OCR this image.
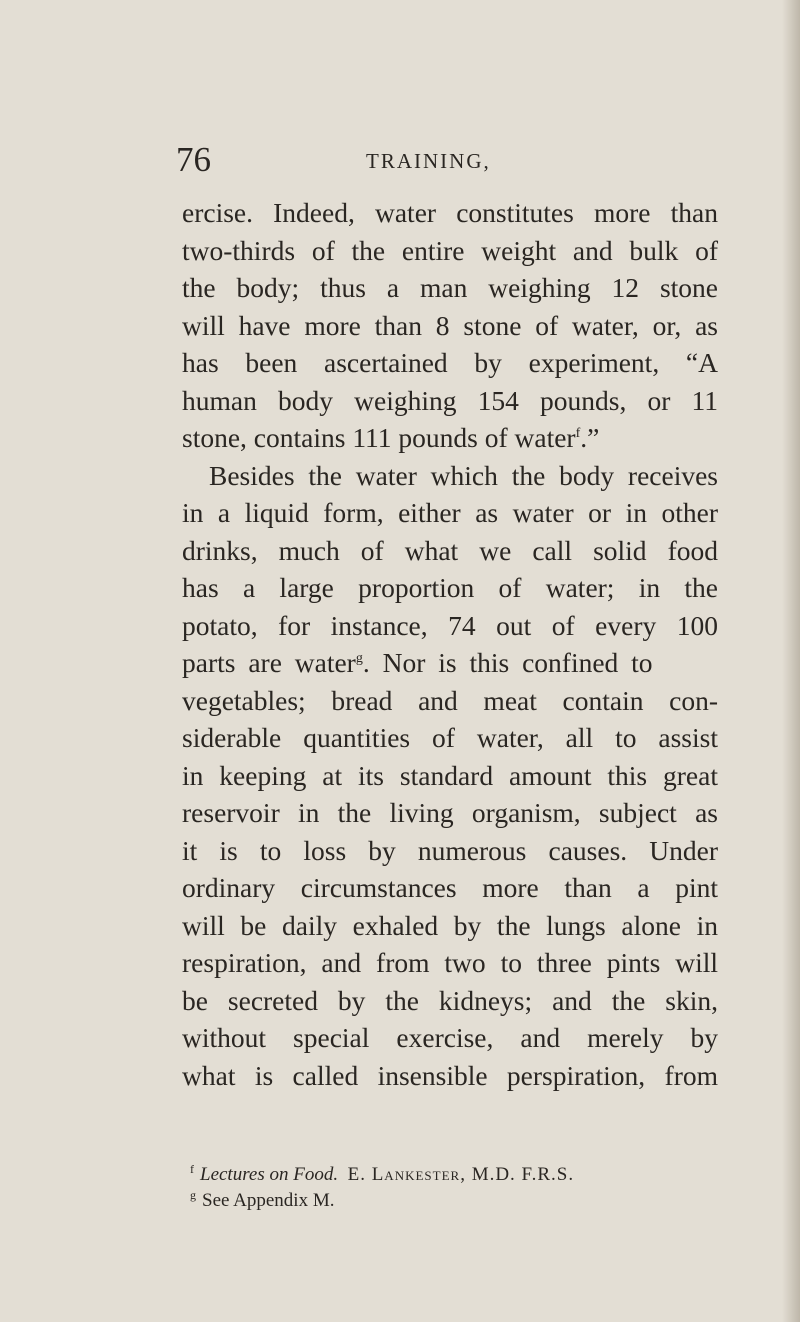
76	TRAINING,
ercise. Indeed, water constitutes more than
two-thirds of the entire weight and bulk of
the body; thus a man weighing 12 stone
will have more than 8 stone of water, or, as
has been ascertained by experiment, “A
human body weighing 154 pounds, or 11
stone, contains 111 pounds of water$^f$.”
Besides the water which the body receives
in a liquid form, either as water or in other
drinks, much of what we call solid food
has a large proportion of water; in the
potato, for instance, 74 out of every 100
parts are water$^g$. Nor is this confined to
vegetables; bread and meat contain con-
siderable quantities of water, all to assist
in keeping at its standard amount this great
reservoir in the living organism, subject as
it is to loss by numerous causes. Under
ordinary circumstances more than a pint
will be daily exhaled by the lungs alone in
respiration, and from two to three pints will
be secreted by the kidneys; and the skin,
without special exercise, and merely by
what is called insensible perspiration, from
$^f$ Lectures on Food. E. Lankester, M.D. F.R.S.
$^g$ See Appendix M.
